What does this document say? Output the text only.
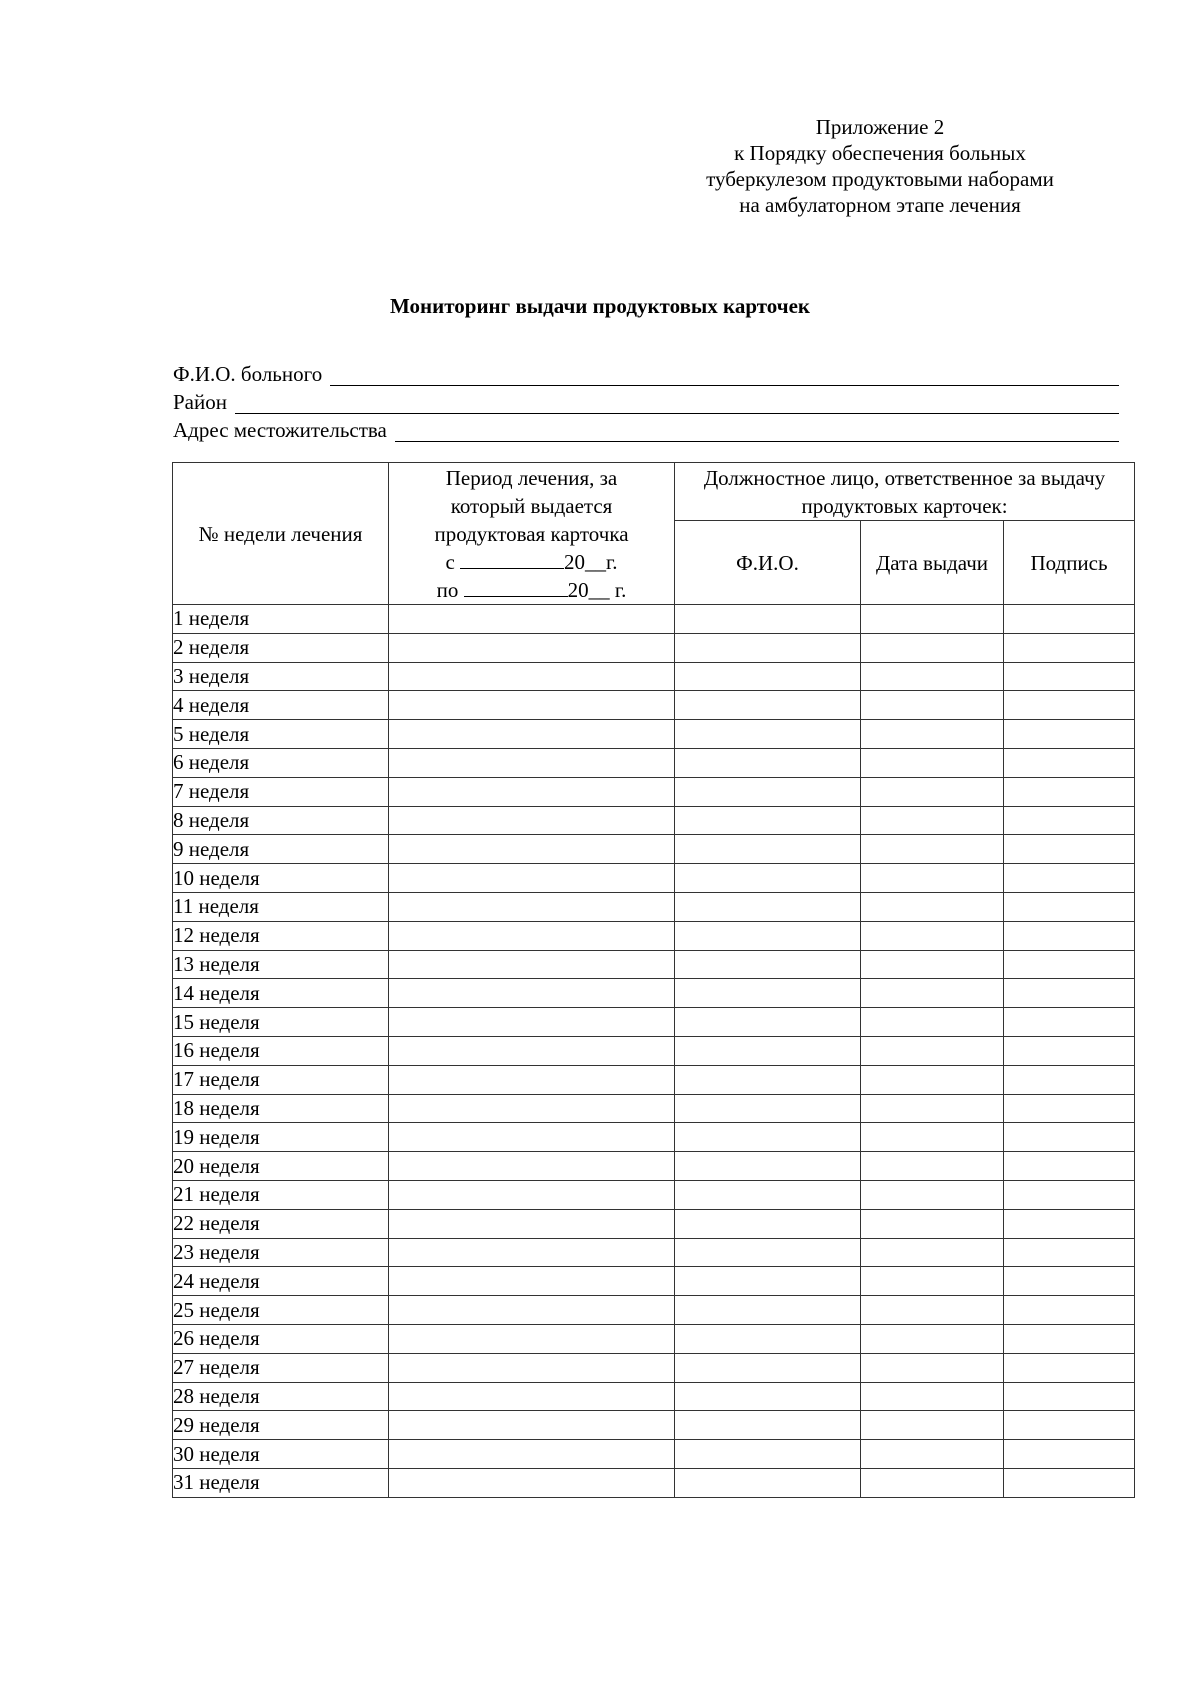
Приложение 2
к Порядку обеспечения больных
туберкулезом продуктовыми наборами
на амбулаторном этапе лечения
Мониторинг выдачи продуктовых карточек
Ф.И.О. больного
Район
Адрес местожительства
№ недели лечения	Период лечения, за
который выдается
продуктовая карточка
с 20__г.
по 20__ г.	Должностное лицо, ответственное за выдачу продуктовых карточек:		
		Ф.И.О.	Дата выдачи	Подпись
1 неделя				
2 неделя				
3 неделя				
4 неделя				
5 неделя				
6 неделя				
7 неделя				
8 неделя				
9 неделя				
10 неделя				
11 неделя				
12 неделя				
13 неделя				
14 неделя				
15 неделя				
16 неделя				
17 неделя				
18 неделя				
19 неделя				
20 неделя				
21 неделя				
22 неделя				
23 неделя				
24 неделя				
25 неделя				
26 неделя				
27 неделя				
28 неделя				
29 неделя				
30 неделя				
31 неделя				
